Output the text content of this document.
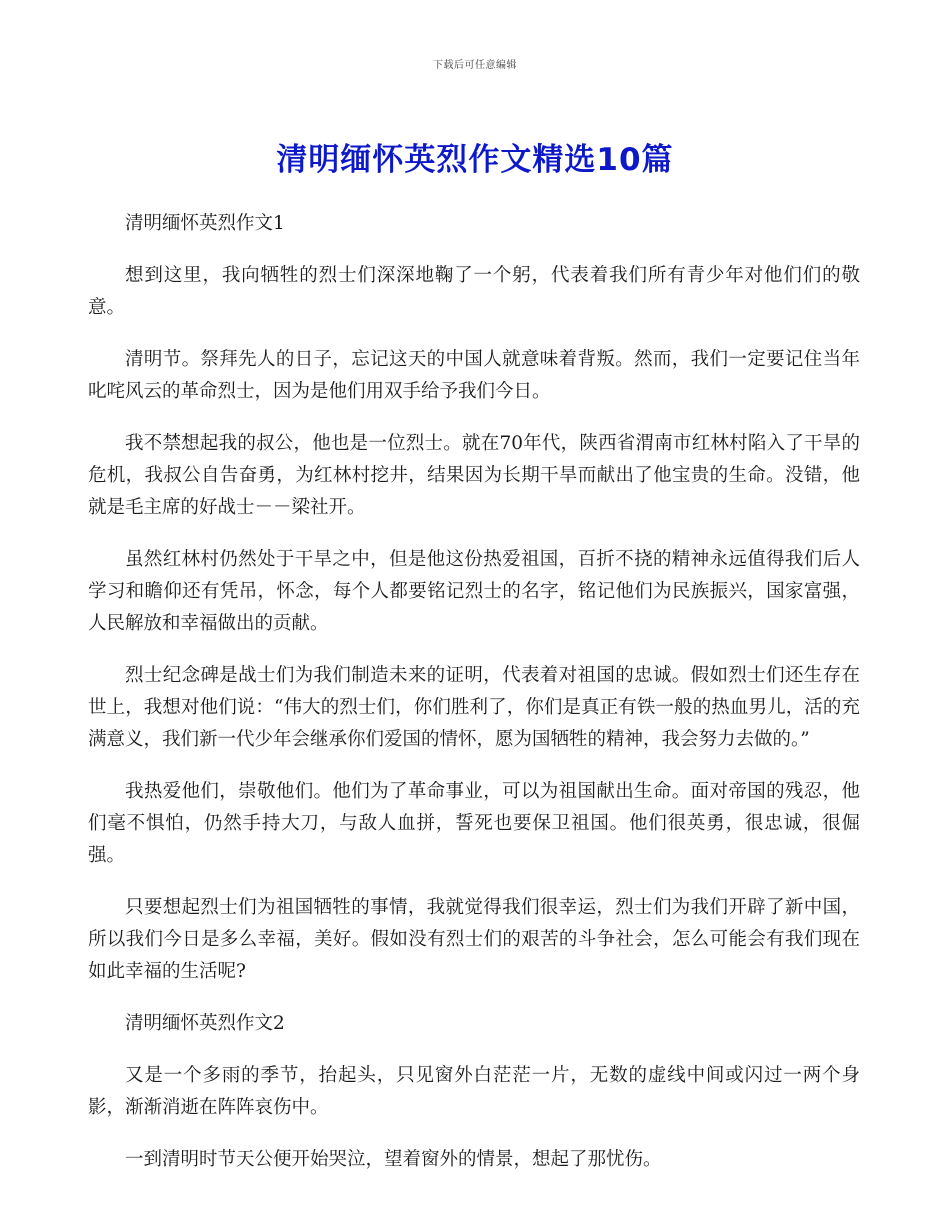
下载后可任意编辑
清明缅怀英烈作文精选10篇

清明缅怀英烈作文1

想到这里，我向牺牲的烈士们深深地鞠了一个躬，代表着我们所有青少年对他们们的敬意。

清明节。祭拜先人的日子，忘记这天的中国人就意味着背叛。然而，我们一定要记住当年叱咤风云的革命烈士，因为是他们用双手给予我们今日。

我不禁想起我的叔公，他也是一位烈士。就在70年代，陕西省渭南市红林村陷入了干旱的危机，我叔公自告奋勇，为红林村挖井，结果因为长期干旱而献出了他宝贵的生命。没错，他就是毛主席的好战士－－梁社开。

虽然红林村仍然处于干旱之中，但是他这份热爱祖国，百折不挠的精神永远值得我们后人学习和瞻仰还有凭吊，怀念，每个人都要铭记烈士的名字，铭记他们为民族振兴，国家富强，人民解放和幸福做出的贡献。

烈士纪念碑是战士们为我们制造未来的证明，代表着对祖国的忠诚。假如烈士们还生存在世上，我想对他们说：“伟大的烈士们，你们胜利了，你们是真正有铁一般的热血男儿，活的充满意义，我们新一代少年会继承你们爱国的情怀，愿为国牺牲的精神，我会努力去做的。”

我热爱他们，崇敬他们。他们为了革命事业，可以为祖国献出生命。面对帝国的残忍，他们毫不惧怕，仍然手持大刀，与敌人血拼，誓死也要保卫祖国。他们很英勇，很忠诚，很倔强。

只要想起烈士们为祖国牺牲的事情，我就觉得我们很幸运，烈士们为我们开辟了新中国，所以我们今日是多么幸福，美好。假如没有烈士们的艰苦的斗争社会，怎么可能会有我们现在如此幸福的生活呢?

清明缅怀英烈作文2

又是一个多雨的季节，抬起头，只见窗外白茫茫一片，无数的虚线中间或闪过一两个身影，渐渐消逝在阵阵哀伤中。

一到清明时节天公便开始哭泣，望着窗外的情景，想起了那忧伤。
